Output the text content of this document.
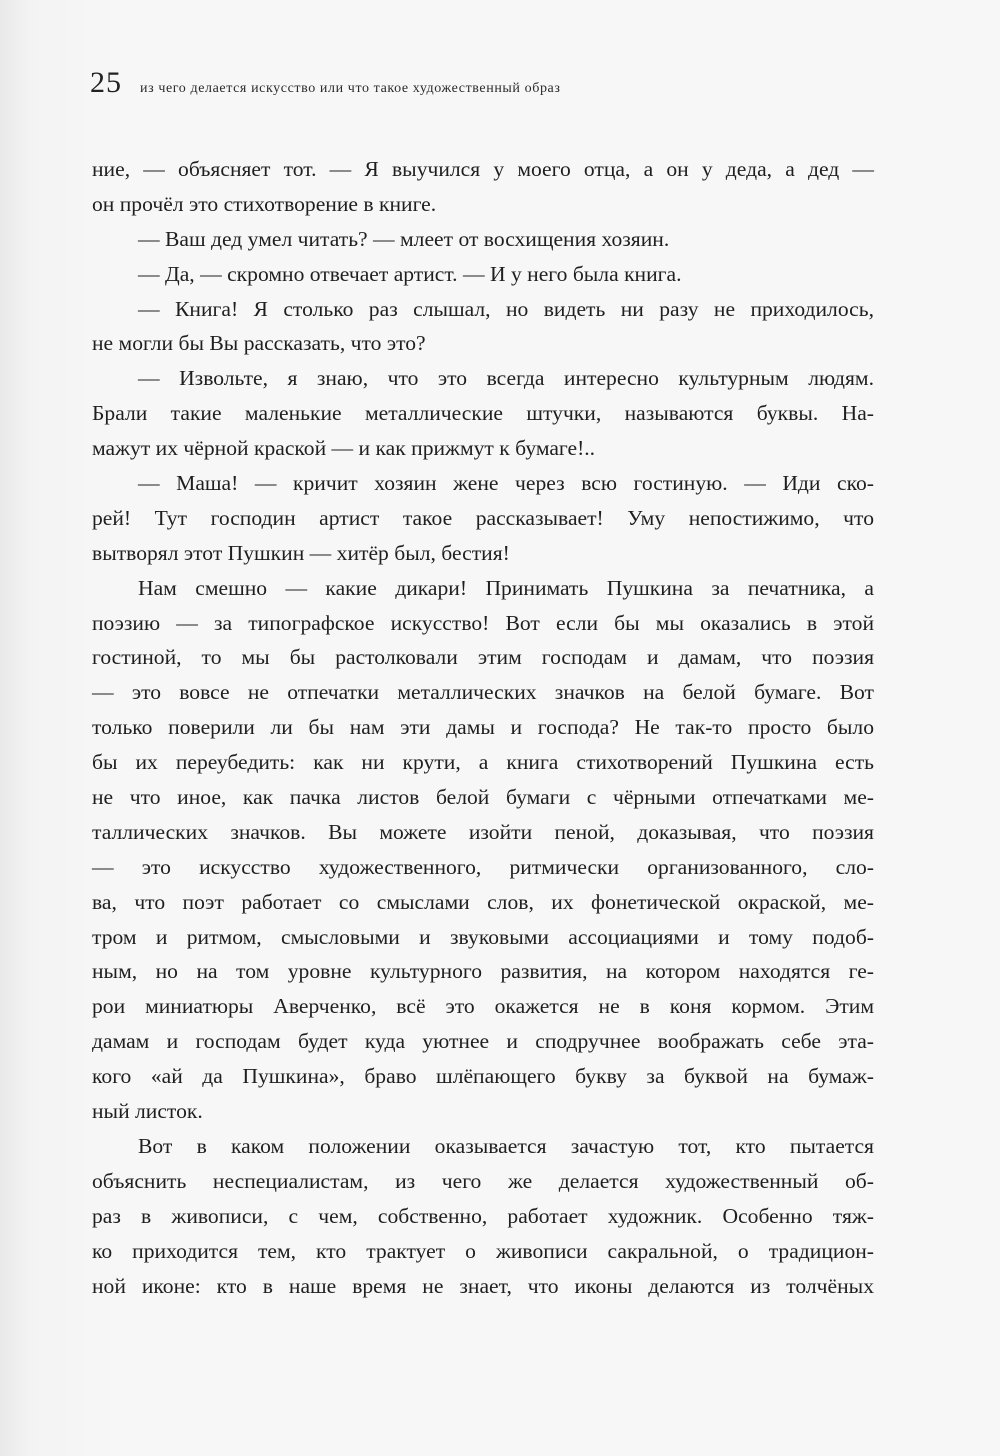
25 из чего делается искусство или что такое художественный образ
ние, — объясняет тот. — Я выучился у моего отца, а он у деда, а дед —
он прочёл это стихотворение в книге.
— Ваш дед умел читать? — млеет от восхищения хозяин.
— Да, — скромно отвечает артист. — И у него была книга.
— Книга! Я столько раз слышал, но видеть ни разу не приходилось,
не могли бы Вы рассказать, что это?
— Извольте, я знаю, что это всегда интересно культурным людям.
Брали такие маленькие металлические штучки, называются буквы. На-
мажут их чёрной краской — и как прижмут к бумаге!..
— Маша! — кричит хозяин жене через всю гостиную. — Иди ско-
рей! Тут господин артист такое рассказывает! Уму непостижимо, что
вытворял этот Пушкин — хитёр был, бестия!
Нам смешно — какие дикари! Принимать Пушкина за печатника, а
поэзию — за типографское искусство! Вот если бы мы оказались в этой
гостиной, то мы бы растолковали этим господам и дамам, что поэзия
— это вовсе не отпечатки металлических значков на белой бумаге. Вот
только поверили ли бы нам эти дамы и господа? Не так-то просто было
бы их переубедить: как ни крути, а книга стихотворений Пушкина есть
не что иное, как пачка листов белой бумаги с чёрными отпечатками ме-
таллических значков. Вы можете изойти пеной, доказывая, что поэзия
— это искусство художественного, ритмически организованного, сло-
ва, что поэт работает со смыслами слов, их фонетической окраской, ме-
тром и ритмом, смысловыми и звуковыми ассоциациями и тому подоб-
ным, но на том уровне культурного развития, на котором находятся ге-
рои миниатюры Аверченко, всё это окажется не в коня кормом. Этим
дамам и господам будет куда уютнее и сподручнее воображать себе эта-
кого «ай да Пушкина», браво шлёпающего букву за буквой на бумаж-
ный листок.
Вот в каком положении оказывается зачастую тот, кто пытается
объяснить неспециалистам, из чего же делается художественный об-
раз в живописи, с чем, собственно, работает художник. Особенно тяж-
ко приходится тем, кто трактует о живописи сакральной, о традицион-
ной иконе: кто в наше время не знает, что иконы делаются из толчёных
